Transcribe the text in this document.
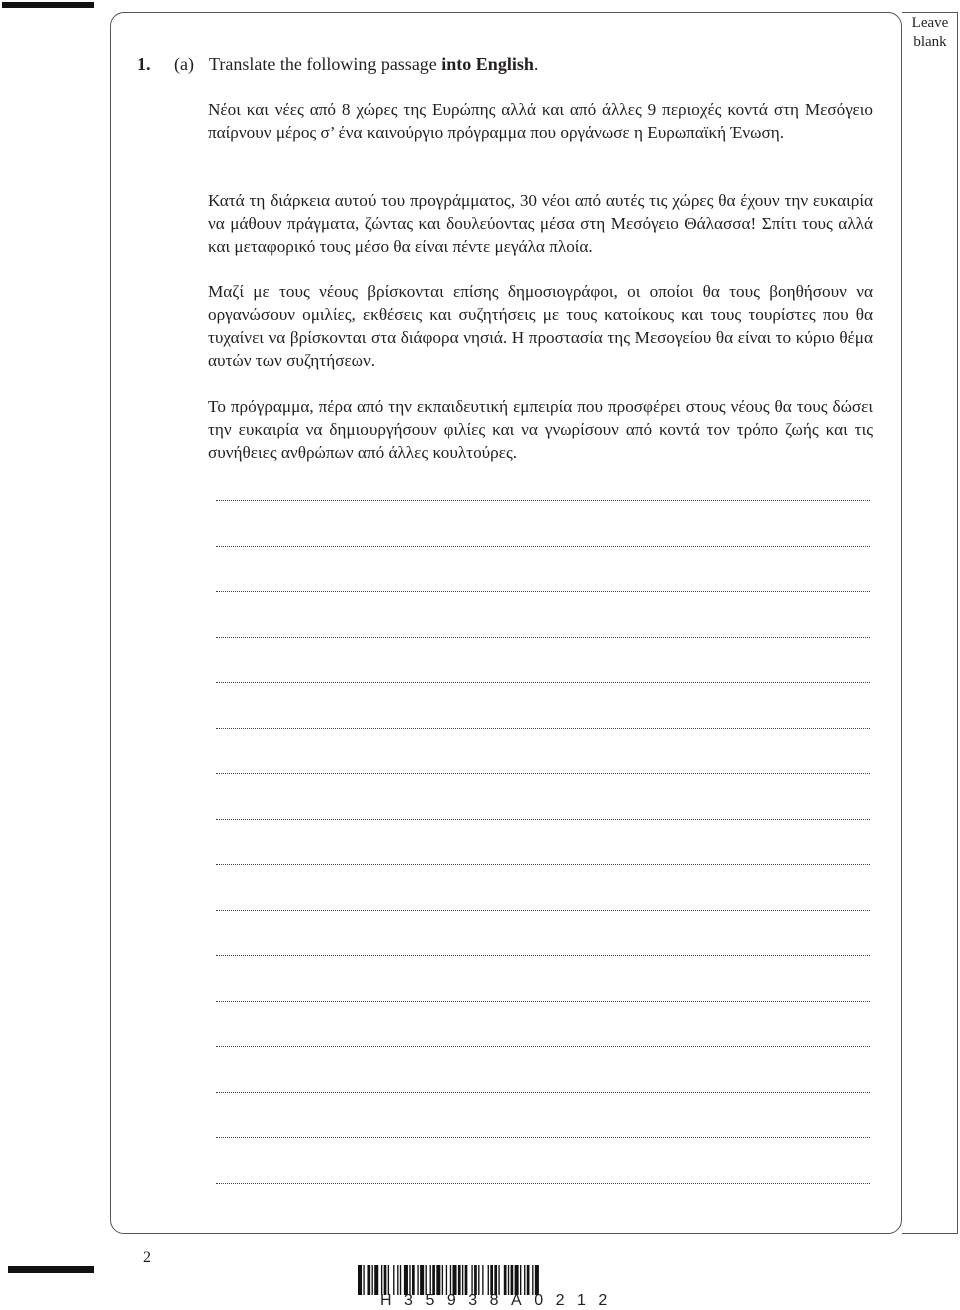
Leave blank
1. (a) Translate the following passage into English.
Νέοι και νέες από 8 χώρες της Ευρώπης αλλά και από άλλες 9 περιοχές κοντά στη Μεσόγειο παίρνουν μέρος σ’ ένα καινούργιο πρόγραμμα που οργάνωσε η Ευρωπαϊκή Ένωση.
Κατά τη διάρκεια αυτού του προγράμματος, 30 νέοι από αυτές τις χώρες θα έχουν την ευκαιρία να μάθουν πράγματα, ζώντας και δουλεύοντας μέσα στη Μεσόγειο Θάλασσα! Σπίτι τους αλλά και μεταφορικό τους μέσο θα είναι πέντε μεγάλα πλοία.
Μαζί με τους νέους βρίσκονται επίσης δημοσιογράφοι, οι οποίοι θα τους βοηθήσουν να οργανώσουν ομιλίες, εκθέσεις και συζητήσεις με τους κατοίκους και τους τουρίστες που θα τυχαίνει να βρίσκονται στα διάφορα νησιά. Η προστασία της Μεσογείου θα είναι το κύριο θέμα αυτών των συζητήσεων.
Το πρόγραμμα, πέρα από την εκπαιδευτική εμπειρία που προσφέρει στους νέους θα τους δώσει την ευκαιρία να δημιουργήσουν φιλίες και να γνωρίσουν από κοντά τον τρόπο ζωής και τις συνήθειες ανθρώπων από άλλες κουλτούρες.
2
H35938A0212
